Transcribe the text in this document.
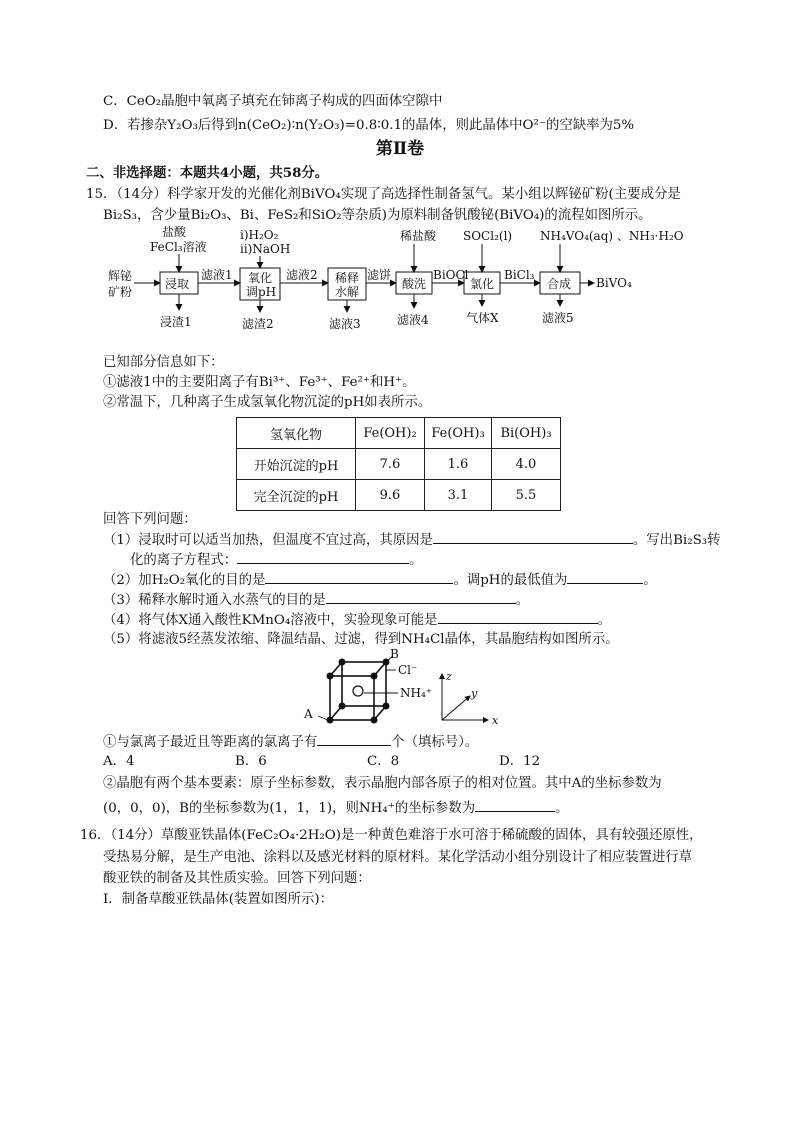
C．CeO₂晶胞中氧离子填充在铈离子构成的四面体空隙中
D．若掺杂Y₂O₃后得到n(CeO₂)∶n(Y₂O₃)=0.8∶0.1的晶体，则此晶体中O²⁻的空缺率为5%
第Ⅱ卷
二、非选择题：本题共4小题，共58分。
15．（14分）科学家开发的光催化剂BiVO₄实现了高选择性制备氢气。某小组以辉铋矿粉(主要成分是
Bi₂S₃，含少量Bi₂O₃、Bi、FeS₂和SiO₂等杂质)为原料制备钒酸铋(BiVO₄)的流程如图所示。
辉铋
矿粉
盐酸
FeCl₃溶液
ⅰ)H₂O₂
ⅱ)NaOH
稀盐酸 SOCl₂(l) NH₄VO₄(aq) 、NH₃·H₂O
浸取	氧化
调pH
稀释
水解
酸洗	氯化	合成
滤液1	滤液2	滤饼	BiOCl	BiCl₃
BiVO₄
浸渣1	滤渣2	滤液3	滤液4	气体X	滤液5
已知部分信息如下：
①滤液1中的主要阳离子有Bi³⁺、Fe³⁺、Fe²⁺和H⁺。
②常温下，几种离子生成氢氧化物沉淀的pH如表所示。
氢氧化物	Fe(OH)₂	Fe(OH)₃	Bi(OH)₃
开始沉淀的pH	7.6	1.6	4.0
完全沉淀的pH	9.6	3.1	5.5
回答下列问题：
（1）浸取时可以适当加热，但温度不宜过高，其原因是	。写出Bi₂S₃转
化的离子方程式：	。
（2）加H₂O₂氧化的目的是	。调pH的最低值为	。
（3）稀释水解时通入水蒸气的目的是	。
（4）将气体X通入酸性KMnO₄溶液中，实验现象可能是	。
（5）将滤液5经蒸发浓缩、降温结晶、过滤，得到NH₄Cl晶体，其晶胞结构如图所示。
B
Cl⁻
NH₄⁺
A
z
y
x
①与氯离子最近且等距离的氯离子有	个（填标号）。
A．4	B．6	C．8	D．12
②晶胞有两个基本要素：原子坐标参数，表示晶胞内部各原子的相对位置。其中A的坐标参数为
(0，0，0)，B的坐标参数为(1，1，1)，则NH₄⁺的坐标参数为	。
16．（14分）草酸亚铁晶体(FeC₂O₄·2H₂O)是一种黄色难溶于水可溶于稀硫酸的固体，具有较强还原性，
受热易分解，是生产电池、涂料以及感光材料的原材料。某化学活动小组分别设计了相应装置进行草
酸亚铁的制备及其性质实验。回答下列问题：
Ⅰ．制备草酸亚铁晶体(装置如图所示)：
